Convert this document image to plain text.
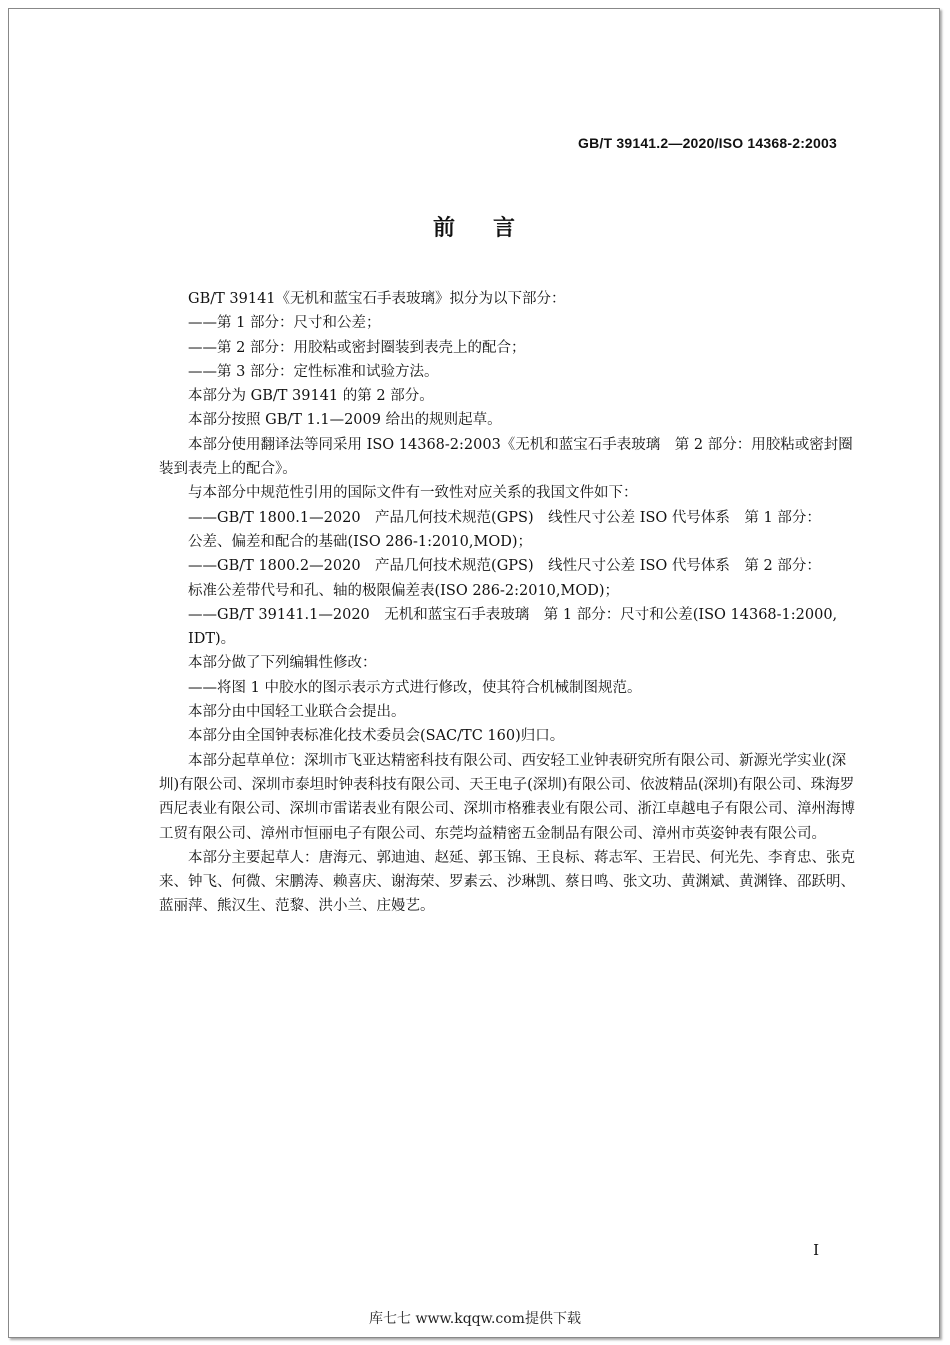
GB/T 39141.2—2020/ISO 14368-2:2003
前言

GB/T 39141《无机和蓝宝石手表玻璃》拟分为以下部分：

——第 1 部分：尺寸和公差；

——第 2 部分：用胶粘或密封圈装到表壳上的配合；

——第 3 部分：定性标准和试验方法。

本部分为 GB/T 39141 的第 2 部分。

本部分按照 GB/T 1.1—2009 给出的规则起草。

本部分使用翻译法等同采用 ISO 14368-2:2003《无机和蓝宝石手表玻璃　第 2 部分：用胶粘或密封圈装到表壳上的配合》。

与本部分中规范性引用的国际文件有一致性对应关系的我国文件如下：

——GB/T 1800.1—2020　产品几何技术规范(GPS)　线性尺寸公差 ISO 代号体系　第 1 部分：

公差、偏差和配合的基础(ISO 286-1:2010,MOD)；

——GB/T 1800.2—2020　产品几何技术规范(GPS)　线性尺寸公差 ISO 代号体系　第 2 部分：

标准公差带代号和孔、轴的极限偏差表(ISO 286-2:2010,MOD)；

——GB/T 39141.1—2020　无机和蓝宝石手表玻璃　第 1 部分：尺寸和公差(ISO 14368-1:2000,

IDT)。

本部分做了下列编辑性修改：

——将图 1 中胶水的图示表示方式进行修改，使其符合机械制图规范。

本部分由中国轻工业联合会提出。

本部分由全国钟表标准化技术委员会(SAC/TC 160)归口。

本部分起草单位：深圳市飞亚达精密科技有限公司、西安轻工业钟表研究所有限公司、新源光学实业(深圳)有限公司、深圳市泰坦时钟表科技有限公司、天王电子(深圳)有限公司、依波精品(深圳)有限公司、珠海罗西尼表业有限公司、深圳市雷诺表业有限公司、深圳市格雅表业有限公司、浙江卓越电子有限公司、漳州海博工贸有限公司、漳州市恒丽电子有限公司、东莞均益精密五金制品有限公司、漳州市英姿钟表有限公司。

本部分主要起草人：唐海元、郭迪迪、赵延、郭玉锦、王良标、蒋志军、王岩民、何光先、李育忠、张克来、钟飞、何微、宋鹏涛、赖喜庆、谢海荣、罗素云、沙琳凯、蔡日鸣、张文功、黄渊斌、黄渊锋、邵跃明、蓝丽萍、熊汉生、范黎、洪小兰、庄嫚艺。

I
库七七 www.kqqw.com提供下载
